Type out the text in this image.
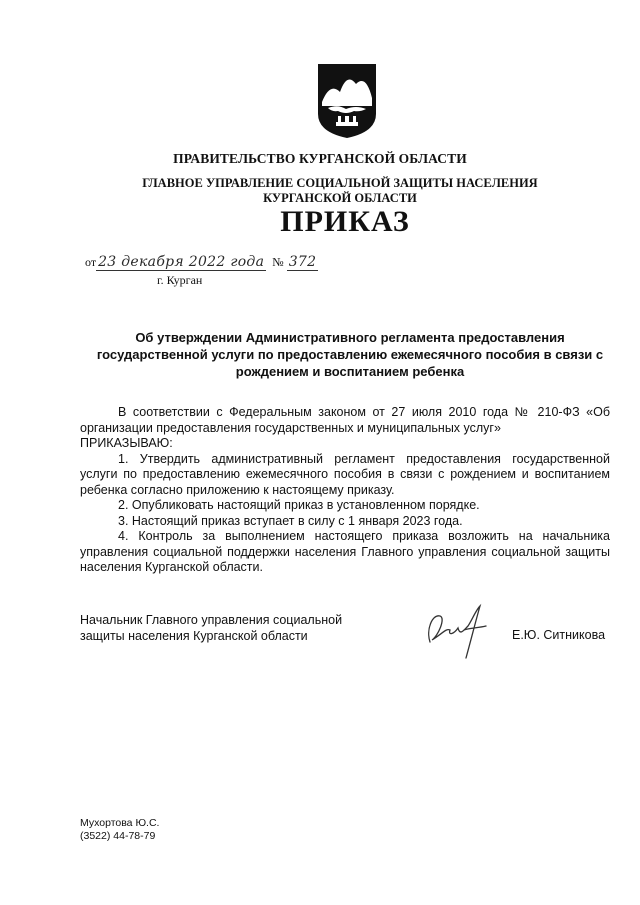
ПРАВИТЕЛЬСТВО КУРГАНСКОЙ ОБЛАСТИ
ГЛАВНОЕ УПРАВЛЕНИЕ СОЦИАЛЬНОЙ ЗАЩИТЫ НАСЕЛЕНИЯ
КУРГАНСКОЙ ОБЛАСТИ
ПРИКАЗ
от 23 декабря 2022 года № 372
г. Курган
Об утверждении Административного регламента предоставления
государственной услуги по предоставлению ежемесячного пособия в связи с
рождением и воспитанием ребенка

В соответствии с Федеральным законом от 27 июля 2010 года № 210-ФЗ «Об организации предоставления государственных и муниципальных услуг»

ПРИКАЗЫВАЮ:

1. Утвердить административный регламент предоставления государственной услуги по предоставлению ежемесячного пособия в связи с рождением и воспитанием ребенка согласно приложению к настоящему приказу.

2. Опубликовать настоящий приказ в установленном порядке.

3. Настоящий приказ вступает в силу с 1 января 2023 года.

4. Контроль за выполнением настоящего приказа возложить на начальника управления социальной поддержки населения Главного управления социальной защиты населения Курганской области.

Начальник Главного управления социальной
защиты населения Курганской области	Е.Ю. Ситникова
Мухортова Ю.С.
(3522) 44-78-79
